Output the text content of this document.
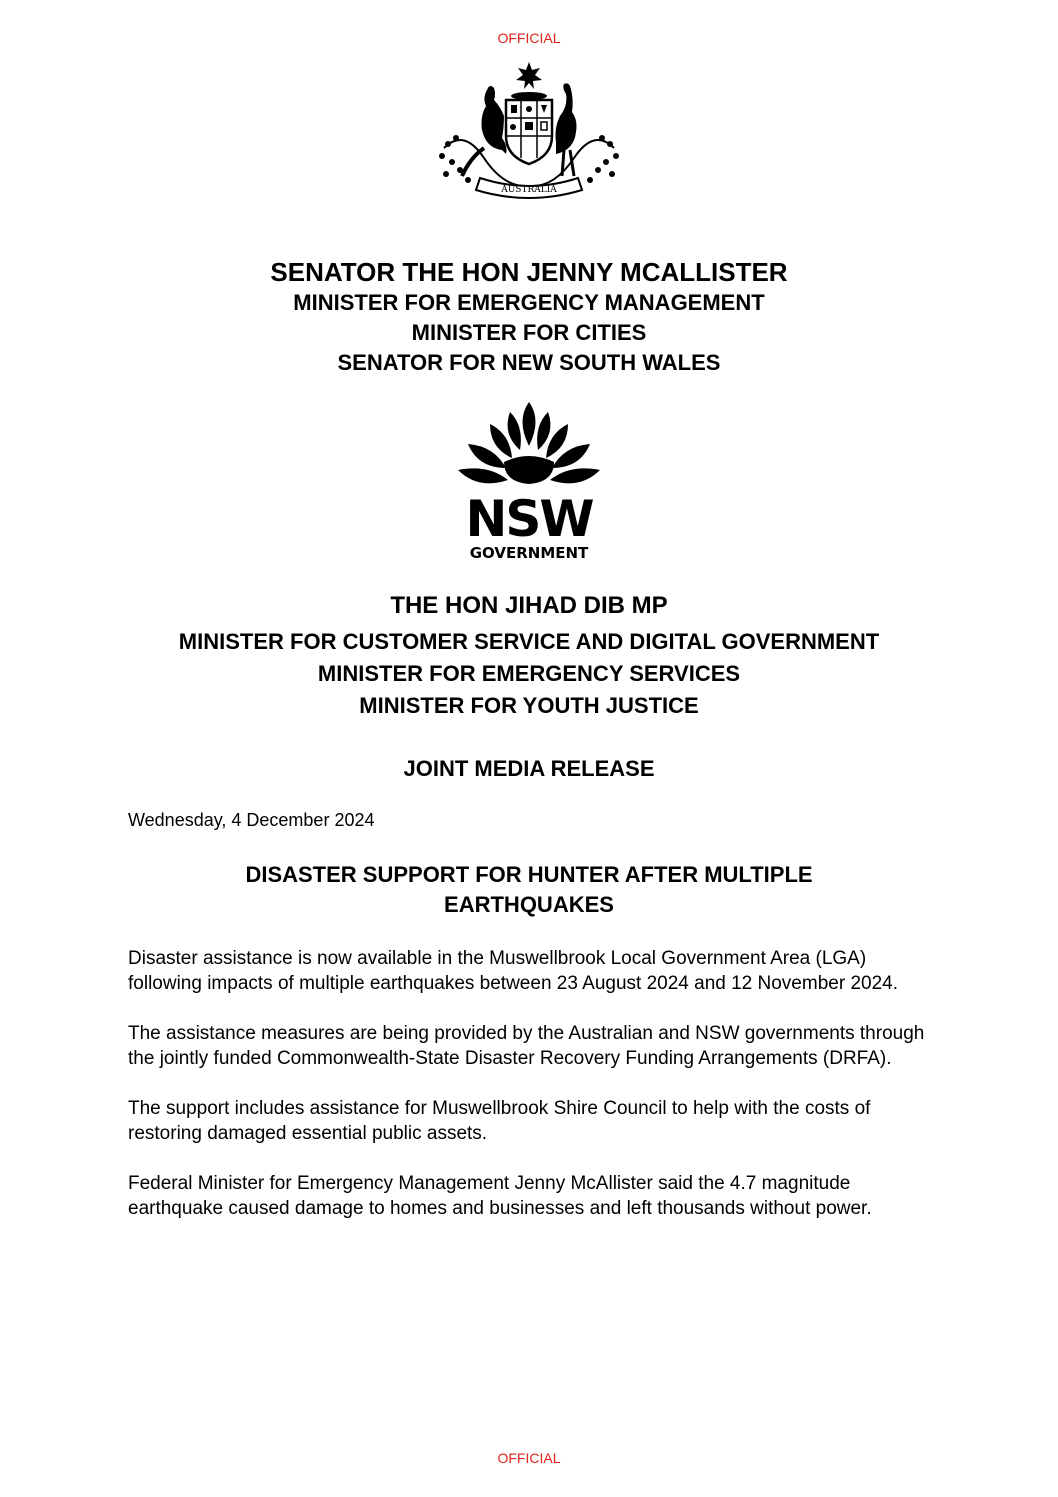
OFFICIAL
AUSTRALIA
SENATOR THE HON JENNY MCALLISTER
MINISTER FOR EMERGENCY MANAGEMENT
MINISTER FOR CITIES
SENATOR FOR NEW SOUTH WALES
NSW
GOVERNMENT
THE HON JIHAD DIB MP
MINISTER FOR CUSTOMER SERVICE AND DIGITAL GOVERNMENT
MINISTER FOR EMERGENCY SERVICES
MINISTER FOR YOUTH JUSTICE
JOINT MEDIA RELEASE
Wednesday, 4 December 2024
DISASTER SUPPORT FOR HUNTER AFTER MULTIPLE
EARTHQUAKES

Disaster assistance is now available in the Muswellbrook Local Government Area (LGA) following impacts of multiple earthquakes between 23 August 2024 and 12 November 2024.

The assistance measures are being provided by the Australian and NSW governments through the jointly funded Commonwealth-State Disaster Recovery Funding Arrangements (DRFA).

The support includes assistance for Muswellbrook Shire Council to help with the costs of restoring damaged essential public assets.

Federal Minister for Emergency Management Jenny McAllister said the 4.7 magnitude earthquake caused damage to homes and businesses and left thousands without power.

OFFICIAL
